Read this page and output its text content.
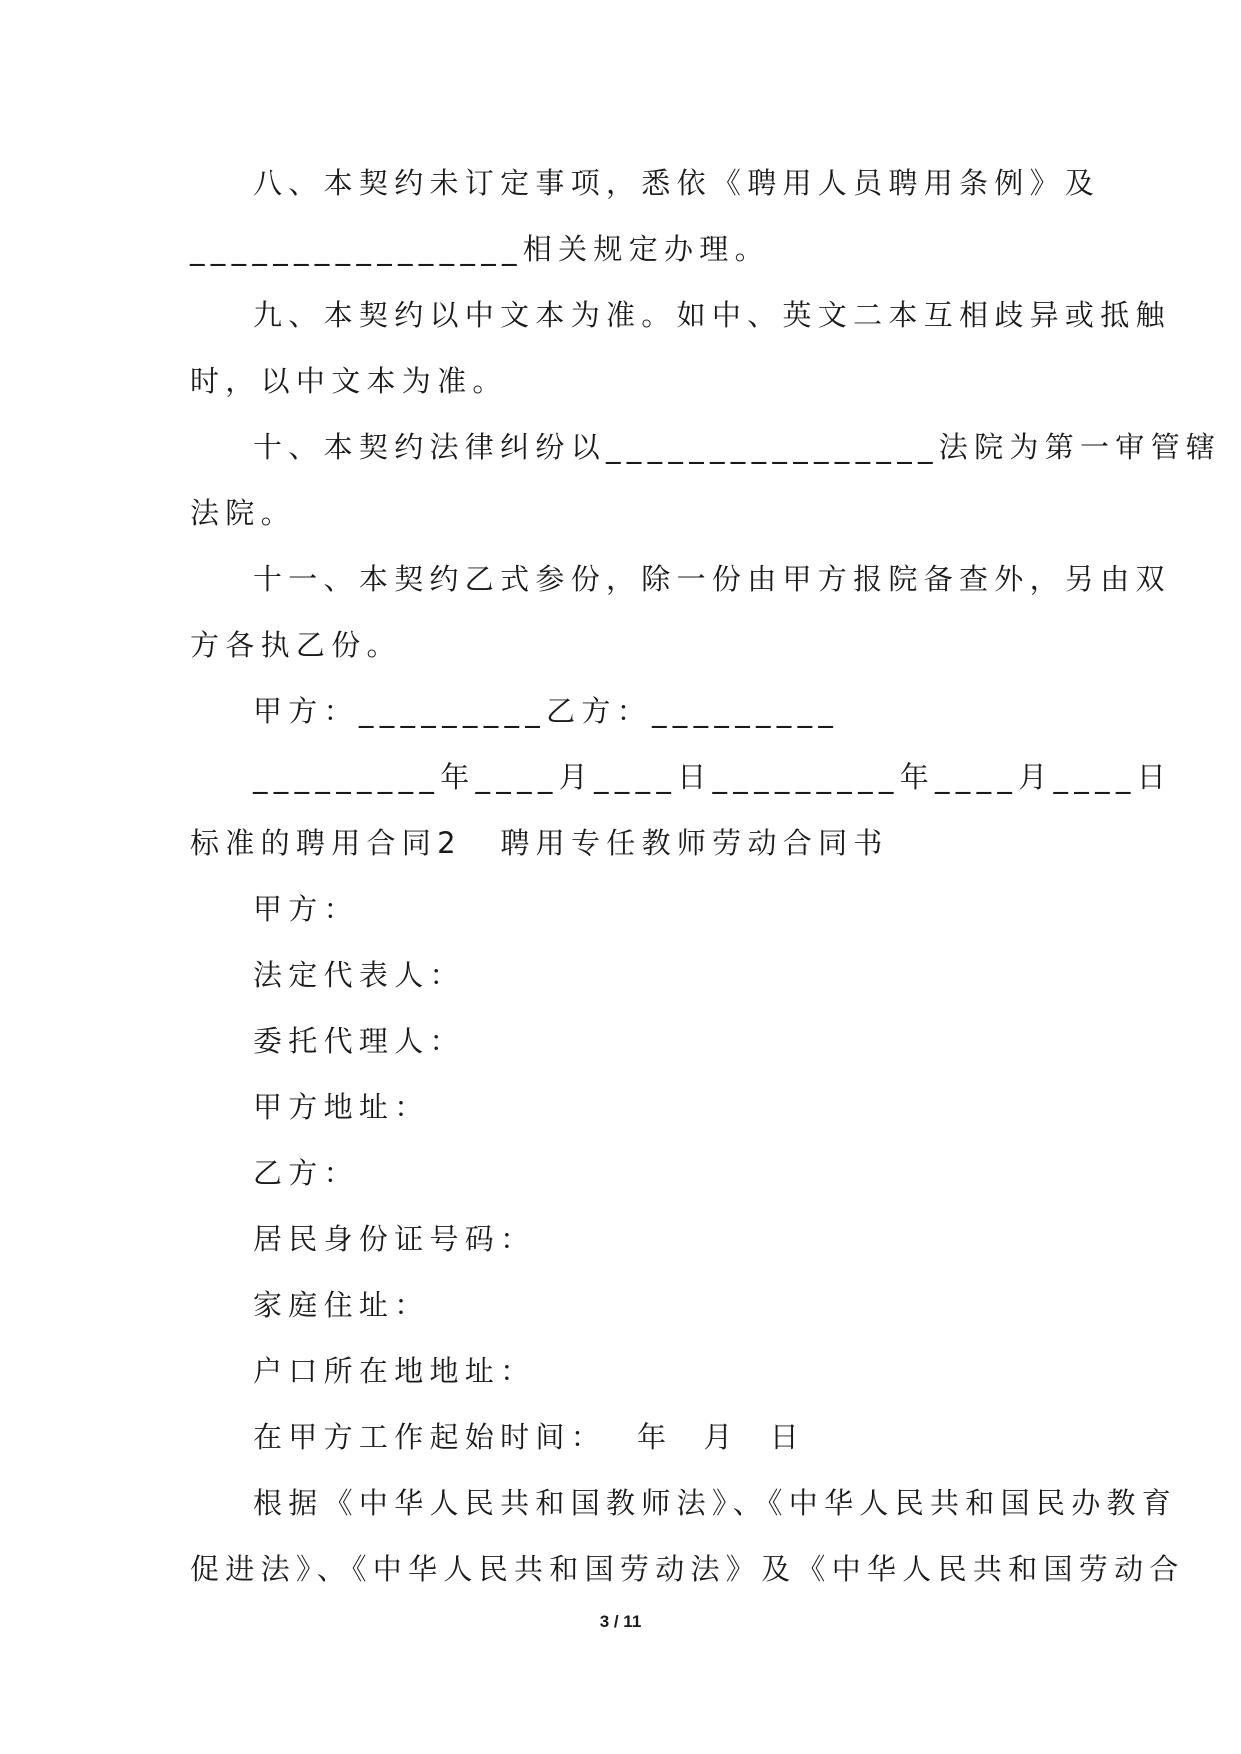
八、本契约未订定事项，悉依《聘用人员聘用条例》及
________________相关规定办理。
九、本契约以中文本为准。如中、英文二本互相歧异或抵触
时，以中文本为准。
十、本契约法律纠纷以________________法院为第一审管辖
法院。
十一、本契约乙式参份，除一份由甲方报院备查外，另由双
方各执乙份。
甲方：_________乙方：_________
_________年____月____日_________年____月____日
标准的聘用合同2	聘用专任教师劳动合同书
甲方：
法定代表人：
委托代理人：
甲方地址：
乙方：
居民身份证号码：
家庭住址：
户口所在地地址：
在甲方工作起始时间：  年  月  日
根据《中华人民共和国教师法》、《中华人民共和国民办教育
促进法》、《中华人民共和国劳动法》及《中华人民共和国劳动合
3 / 11
